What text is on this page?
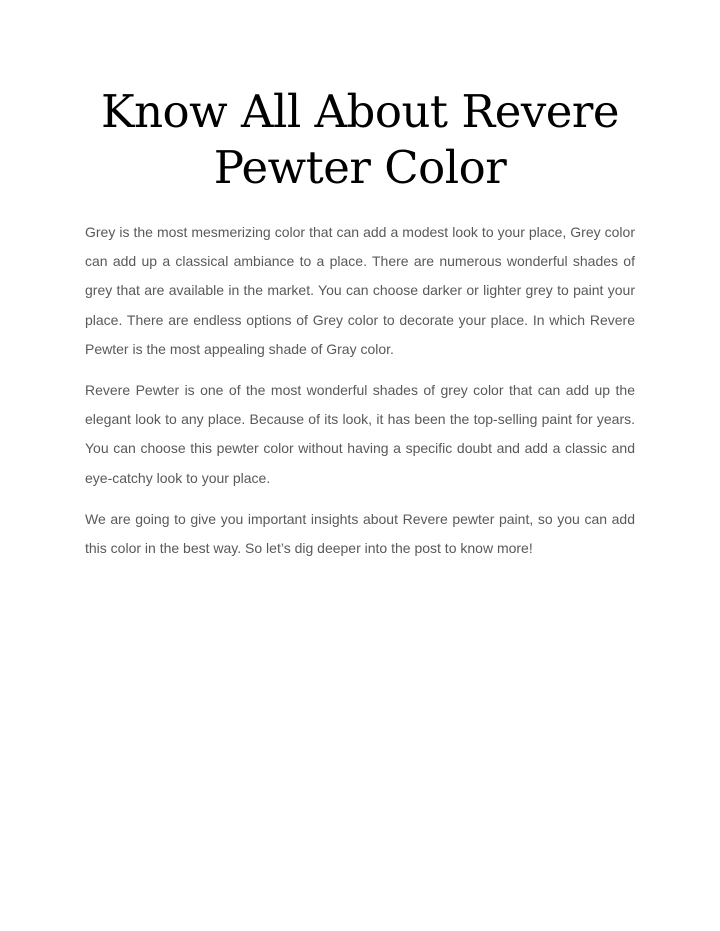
Know All About Revere
Pewter Color

Grey is the most mesmerizing color that can add a modest look to your place, Grey color can add up a classical ambiance to a place. There are numerous wonderful shades of grey that are available in the market. You can choose darker or lighter grey to paint your place. There are endless options of Grey color to decorate your place. In which Revere Pewter is the most appealing shade of Gray color.

Revere Pewter is one of the most wonderful shades of grey color that can add up the elegant look to any place. Because of its look, it has been the top-selling paint for years. You can choose this pewter color without having a specific doubt and add a classic and eye-catchy look to your place.

We are going to give you important insights about Revere pewter paint, so you can add this color in the best way. So let’s dig deeper into the post to know more!
